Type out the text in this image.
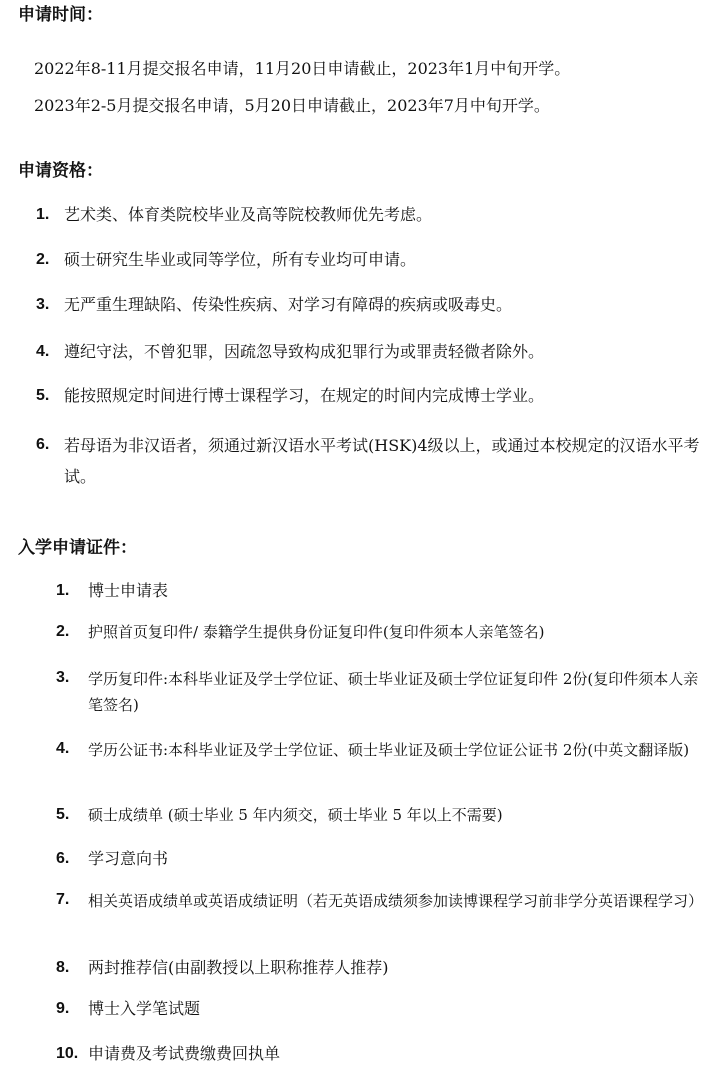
申请时间：
2022年8-11月提交报名申请，11月20日申请截止，2023年1月中旬开学。
2023年2-5月提交报名申请，5月20日申请截止，2023年7月中旬开学。
申请资格：
1. 艺术类、体育类院校毕业及高等院校教师优先考虑。
2. 硕士研究生毕业或同等学位，所有专业均可申请。
3. 无严重生理缺陷、传染性疾病、对学习有障碍的疾病或吸毒史。
4. 遵纪守法，不曾犯罪，因疏忽导致构成犯罪行为或罪责轻微者除外。
5. 能按照规定时间进行博士课程学习，在规定的时间内完成博士学业。
6. 若母语为非汉语者，须通过新汉语水平考试(HSK)4级以上，或通过本校规定的汉语水平考试。
入学申请证件：
1.	博士申请表
2.	护照首页复印件/ 泰籍学生提供身份证复印件(复印件须本人亲笔签名)
3.	学历复印件:本科毕业证及学士学位证、硕士毕业证及硕士学位证复印件 2份(复印件须本人亲笔签名)
4.	学历公证书:本科毕业证及学士学位证、硕士毕业证及硕士学位证公证书 2份(中英文翻译版)
5.	硕士成绩单 (硕士毕业 5 年内须交，硕士毕业 5 年以上不需要)
6.	学习意向书
7.	相关英语成绩单或英语成绩证明（若无英语成绩须参加读博课程学习前非学分英语课程学习）
8.	两封推荐信(由副教授以上职称推荐人推荐)
9.	博士入学笔试题
10. 申请费及考试费缴费回执单
